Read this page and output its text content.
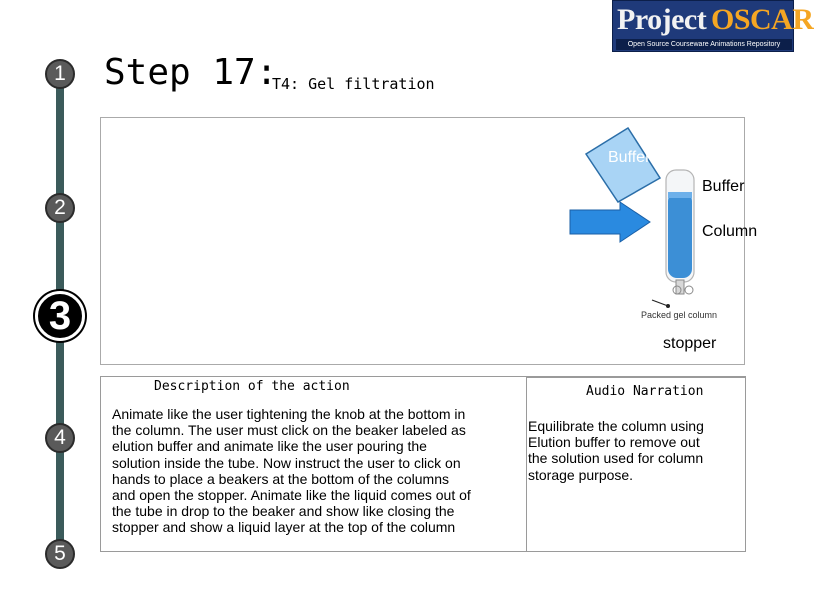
Project OSCAR
Open Source Courseware Animations Repository
1
2
3
4
5
Step 17:
T4: Gel filtration
Buffer
Buffer
Column
Packed gel column
stopper
Description of the action	Audio Narration
Animate like the user tightening the knob at the bottom in
the column. The user must click on the beaker labeled as
elution buffer and animate like the user pouring the
solution inside the tube. Now instruct the user to click on
hands to place a beakers at the bottom of the columns
and open the stopper. Animate like the liquid comes out of
the tube in drop to the beaker and show like closing the
stopper and show a liquid layer at the top of the column
Equilibrate the column using
Elution buffer to remove out
the solution used for column
storage purpose.
